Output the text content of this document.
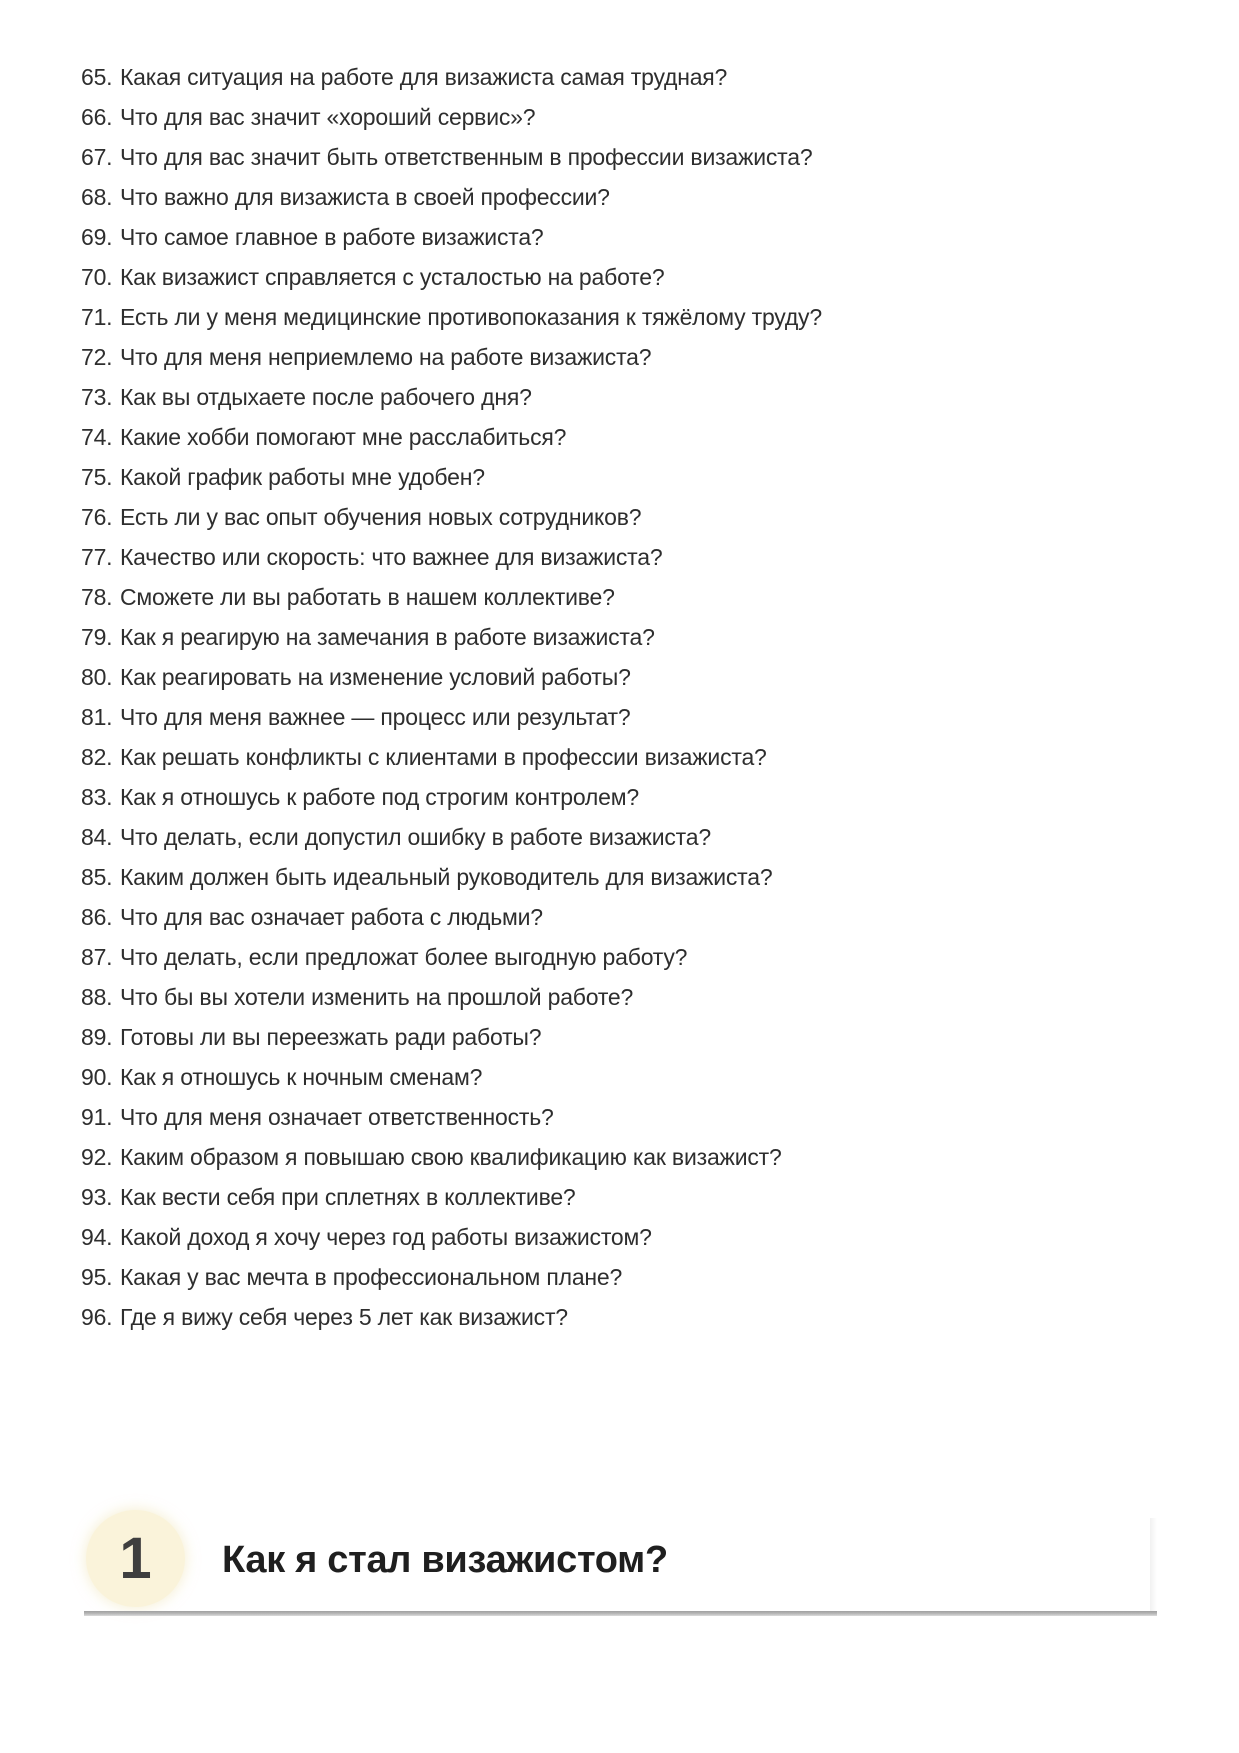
65. Какая ситуация на работе для визажиста самая трудная?
66. Что для вас значит «хороший сервис»?
67. Что для вас значит быть ответственным в профессии визажиста?
68. Что важно для визажиста в своей профессии?
69. Что самое главное в работе визажиста?
70. Как визажист справляется с усталостью на работе?
71. Есть ли у меня медицинские противопоказания к тяжёлому труду?
72. Что для меня неприемлемо на работе визажиста?
73. Как вы отдыхаете после рабочего дня?
74. Какие хобби помогают мне расслабиться?
75. Какой график работы мне удобен?
76. Есть ли у вас опыт обучения новых сотрудников?
77. Качество или скорость: что важнее для визажиста?
78. Сможете ли вы работать в нашем коллективе?
79. Как я реагирую на замечания в работе визажиста?
80. Как реагировать на изменение условий работы?
81. Что для меня важнее — процесс или результат?
82. Как решать конфликты с клиентами в профессии визажиста?
83. Как я отношусь к работе под строгим контролем?
84. Что делать, если допустил ошибку в работе визажиста?
85. Каким должен быть идеальный руководитель для визажиста?
86. Что для вас означает работа с людьми?
87. Что делать, если предложат более выгодную работу?
88. Что бы вы хотели изменить на прошлой работе?
89. Готовы ли вы переезжать ради работы?
90. Как я отношусь к ночным сменам?
91. Что для меня означает ответственность?
92. Каким образом я повышаю свою квалификацию как визажист?
93. Как вести себя при сплетнях в коллективе?
94. Какой доход я хочу через год работы визажистом?
95. Какая у вас мечта в профессиональном плане?
96. Где я вижу себя через 5 лет как визажист?
1 Как я стал визажистом?
